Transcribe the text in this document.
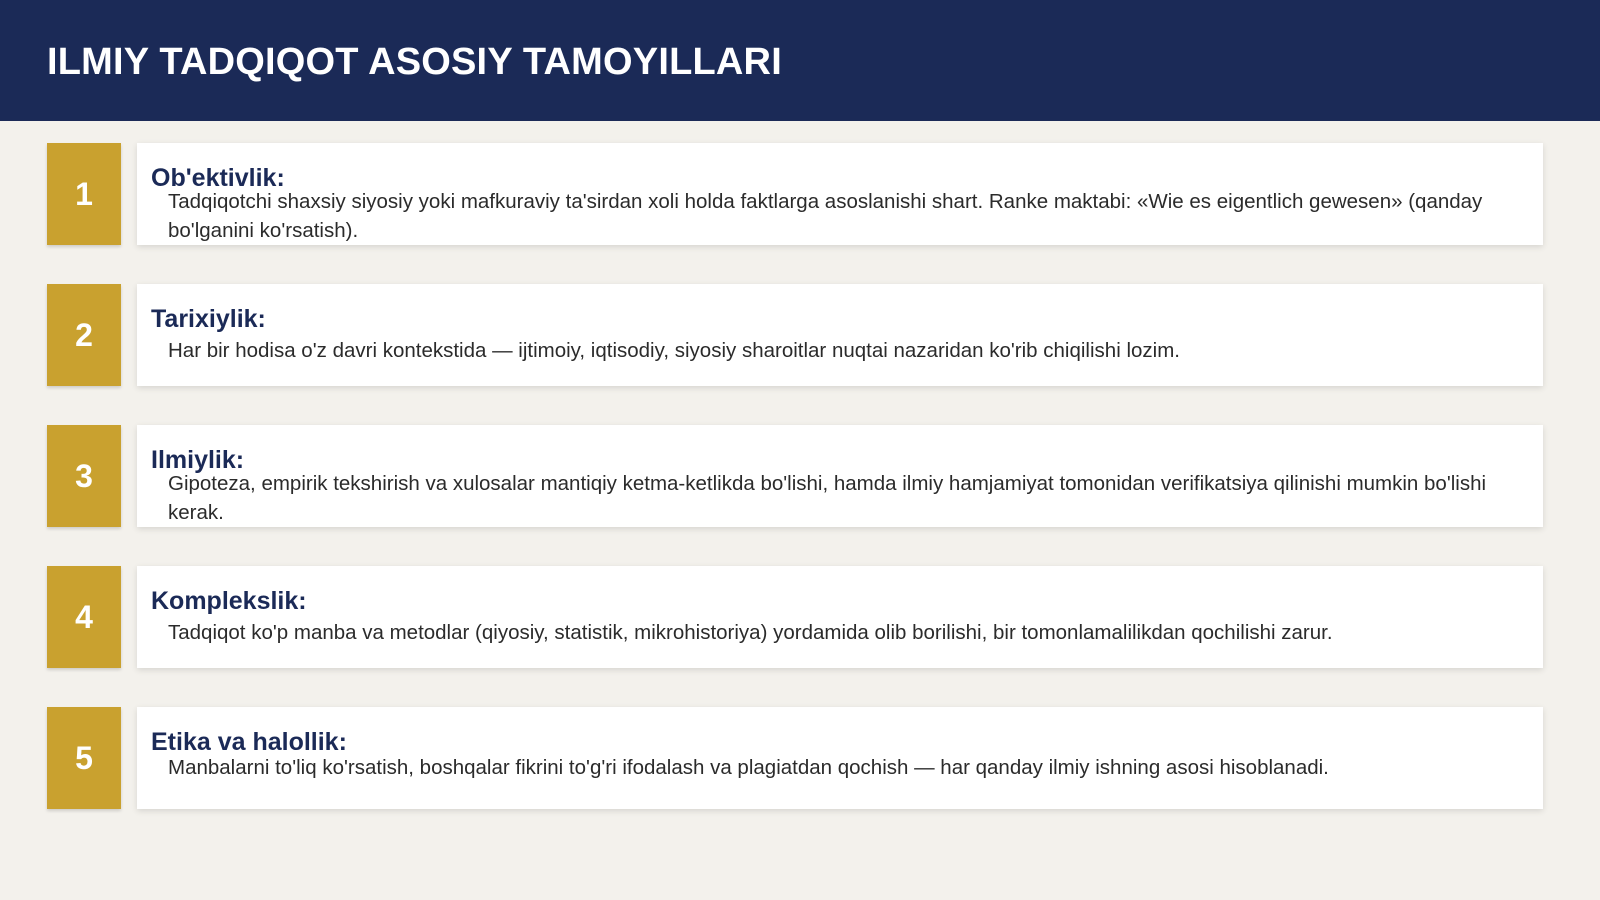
ILMIY TADQIQOT ASOSIY TAMOYILLARI
1	Ob'ektivlik:
Tadqiqotchi shaxsiy siyosiy yoki mafkuraviy ta'sirdan xoli holda faktlarga asoslanishi shart. Ranke maktabi: «Wie es eigentlich gewesen» (qanday bo'lganini ko'rsatish).
2	Tarixiylik:
Har bir hodisa o'z davri kontekstida — ijtimoiy, iqtisodiy, siyosiy sharoitlar nuqtai nazaridan ko'rib chiqilishi lozim.
3	Ilmiylik:
Gipoteza, empirik tekshirish va xulosalar mantiqiy ketma-ketlikda bo'lishi, hamda ilmiy hamjamiyat tomonidan verifikatsiya qilinishi mumkin bo'lishi kerak.
4	Komplekslik:
Tadqiqot ko'p manba va metodlar (qiyosiy, statistik, mikrohistoriya) yordamida olib borilishi, bir tomonlamalilikdan qochilishi zarur.
5	Etika va halollik:
Manbalarni to'liq ko'rsatish, boshqalar fikrini to'g'ri ifodalash va plagiatdan qochish — har qanday ilmiy ishning asosi hisoblanadi.
